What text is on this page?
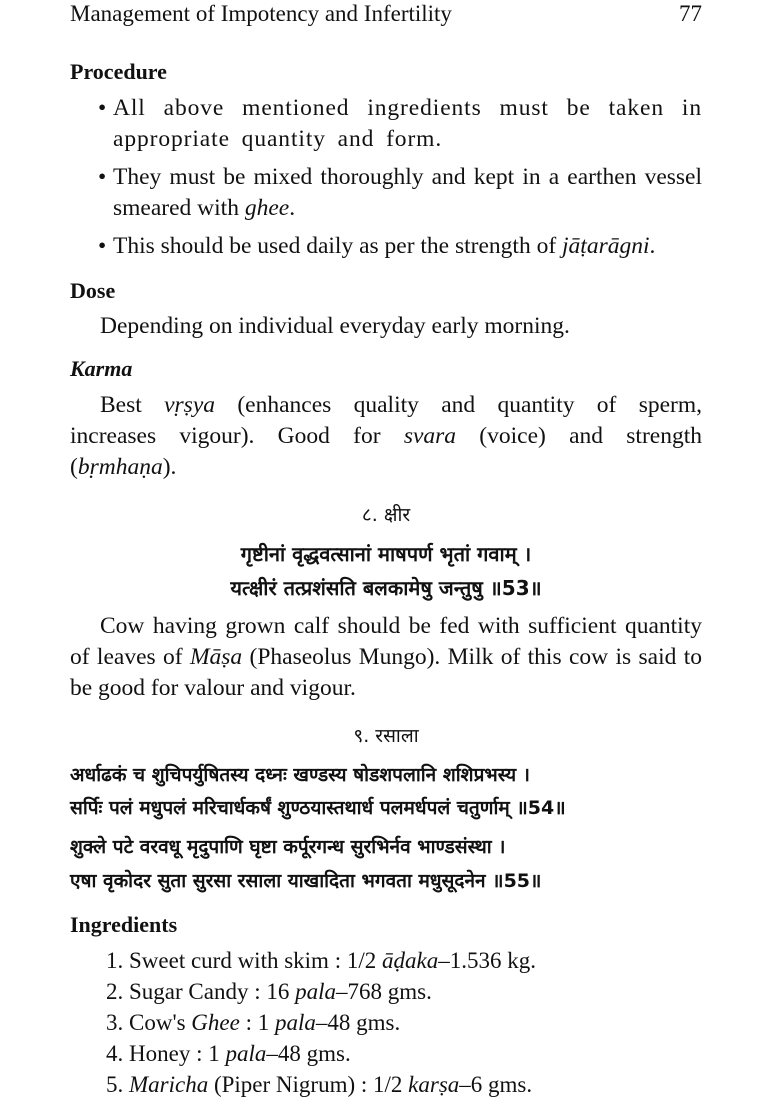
Management of Impotency and Infertility	77
Procedure
• All above mentioned ingredients must be taken in appropriate quantity and form.
• They must be mixed thoroughly and kept in a earthen vessel smeared with ghee.
• This should be used daily as per the strength of jāṭarāgni.
Dose
Depending on individual everyday early morning.
Karma
Best vṛṣya (enhances quality and quantity of sperm, increases vigour). Good for svara (voice) and strength (bṛmhaṇa).
८. क्षीर
गृष्टीनां वृद्धवत्सानां माषपर्ण भृतां गवाम् ।
यत्क्षीरं तत्प्रशंसति बलकामेषु जन्तुषु ॥53॥
Cow having grown calf should be fed with sufficient quantity of leaves of Māṣa (Phaseolus Mungo). Milk of this cow is said to be good for valour and vigour.
९. रसाला
अर्धाढकं च शुचिपर्युषितस्य दध्नः खण्डस्य षोडशपलानि शशिप्रभस्य ।
सर्पिः पलं मधुपलं मरिचार्धकर्षं शुण्ठयास्तथार्ध पलमर्धपलं चतुर्णाम् ॥54॥
शुक्ले पटे वरवधू मृदुपाणि घृष्टा कर्पूरगन्ध सुरभिर्नव भाण्डसंस्था ।
एषा वृकोदर सुता सुरसा रसाला याखादिता भगवता मधुसूदनेन ॥55॥
Ingredients
1. Sweet curd with skim : 1/2 āḍaka–1.536 kg.
2. Sugar Candy : 16 pala–768 gms.
3. Cow's Ghee : 1 pala–48 gms.
4. Honey : 1 pala–48 gms.
5. Maricha (Piper Nigrum) : 1/2 karṣa–6 gms.
